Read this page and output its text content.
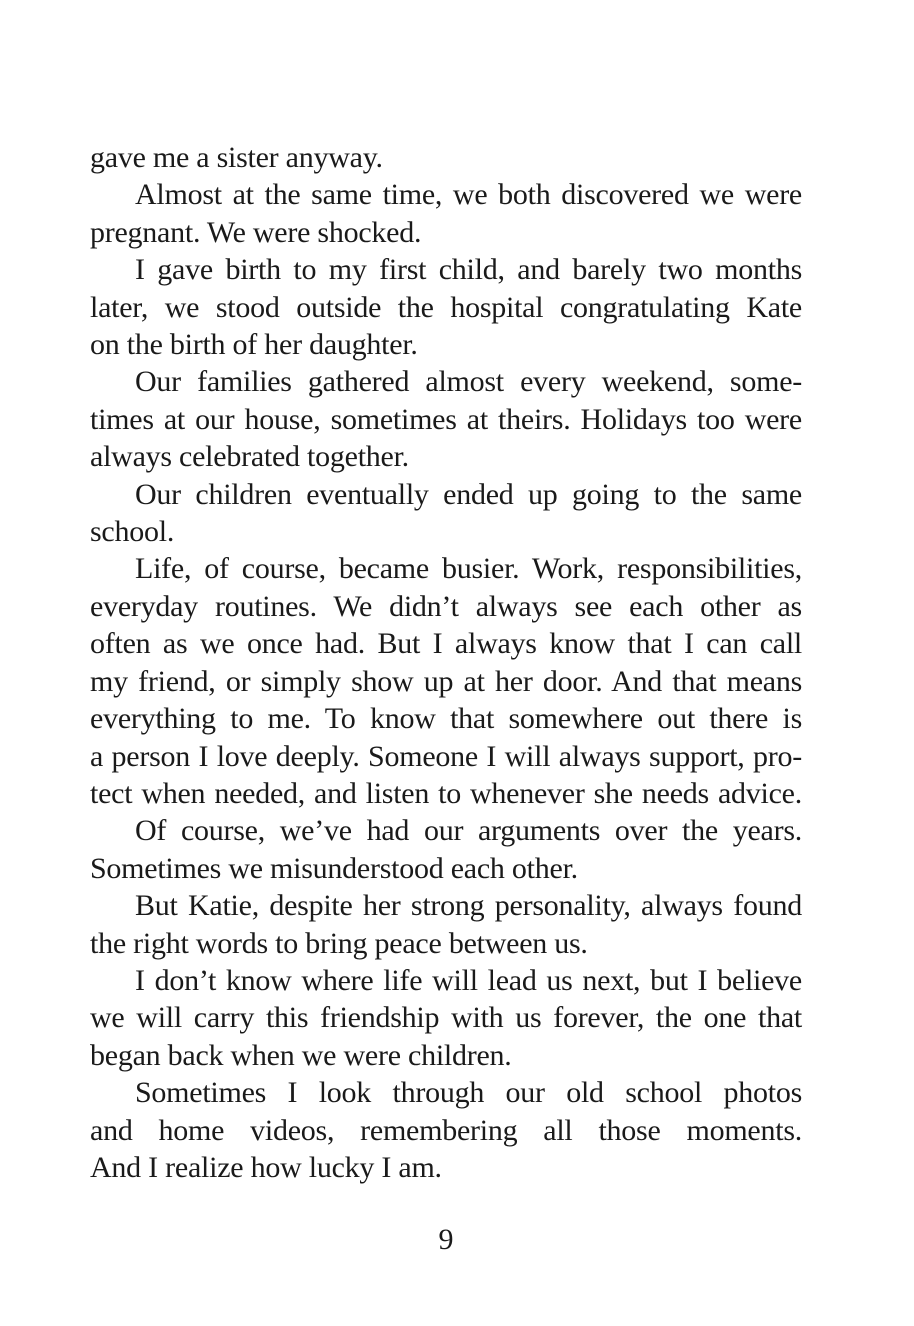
gave me a sister anyway.
Almost at the same time, we both discovered we were
pregnant. We were shocked.
I gave birth to my first child, and barely two months
later, we stood outside the hospital congratulating Kate
on the birth of her daughter.
Our families gathered almost every weekend, some-
times at our house, sometimes at theirs. Holidays too were
always celebrated together.
Our children eventually ended up going to the same
school.
Life, of course, became busier. Work, responsibilities,
everyday routines. We didn’t always see each other as
often as we once had. But I always know that I can call
my friend, or simply show up at her door. And that means
everything to me. To know that somewhere out there is
a person I love deeply. Someone I will always support, pro-
tect when needed, and listen to whenever she needs advice.
Of course, we’ve had our arguments over the years.
Sometimes we misunderstood each other.
But Katie, despite her strong personality, always found
the right words to bring peace between us.
I don’t know where life will lead us next, but I believe
we will carry this friendship with us forever, the one that
began back when we were children.
Sometimes I look through our old school photos
and home videos, remembering all those moments.
And I realize how lucky I am.
9
